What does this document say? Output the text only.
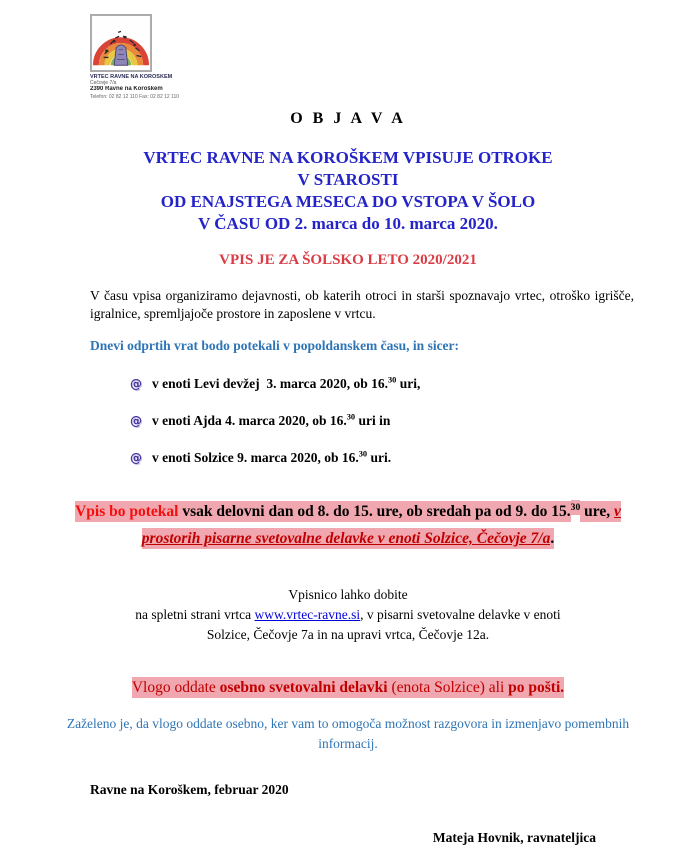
VRTEC RAVNE NA KOROŠKEM
Čečovje 7/a
2390 Ravne na Koroškem
Telefon: 02 82 12 110 Fax: 02 82 12 110
O B J A V A
VRTEC RAVNE NA KOROŠKEM VPISUJE OTROKE
V STAROSTI
OD ENAJSTEGA MESECA DO VSTOPA V ŠOLO
V ČASU OD 2. marca do 10. marca 2020.
VPIS JE ZA ŠOLSKO LETO 2020/2021

V času vpisa organiziramo dejavnosti, ob katerih otroci in starši spoznavajo vrtec, otroško igrišče, igralnice, spremljajoče prostore in zaposlene v vrtcu.

Dnevi odprtih vrat bodo potekali v popoldanskem času, in sicer:

@ v enoti Levi devžej  3. marca 2020, ob 16.30 uri,
@ v enoti Ajda 4. marca 2020, ob 16.30 uri in
@ v enoti Solzice 9. marca 2020, ob 16.30 uri.

Vpis bo potekal vsak delovni dan od 8. do 15. ure, ob sredah pa od 9. do 15.30 ure, v prostorih pisarne svetovalne delavke v enoti Solzice, Čečovje 7/a.

Vpisnico lahko dobite
na spletni strani vrtca www.vrtec-ravne.si, v pisarni svetovalne delavke v enoti
Solzice, Čečovje 7a in na upravi vrtca, Čečovje 12a.

Vlogo oddate osebno svetovalni delavki (enota Solzice) ali po pošti.

Zaželeno je, da vlogo oddate osebno, ker vam to omogoča možnost razgovora in izmenjavo pomembnih informacij.

Ravne na Koroškem, februar 2020

Mateja Hovnik, ravnateljica
